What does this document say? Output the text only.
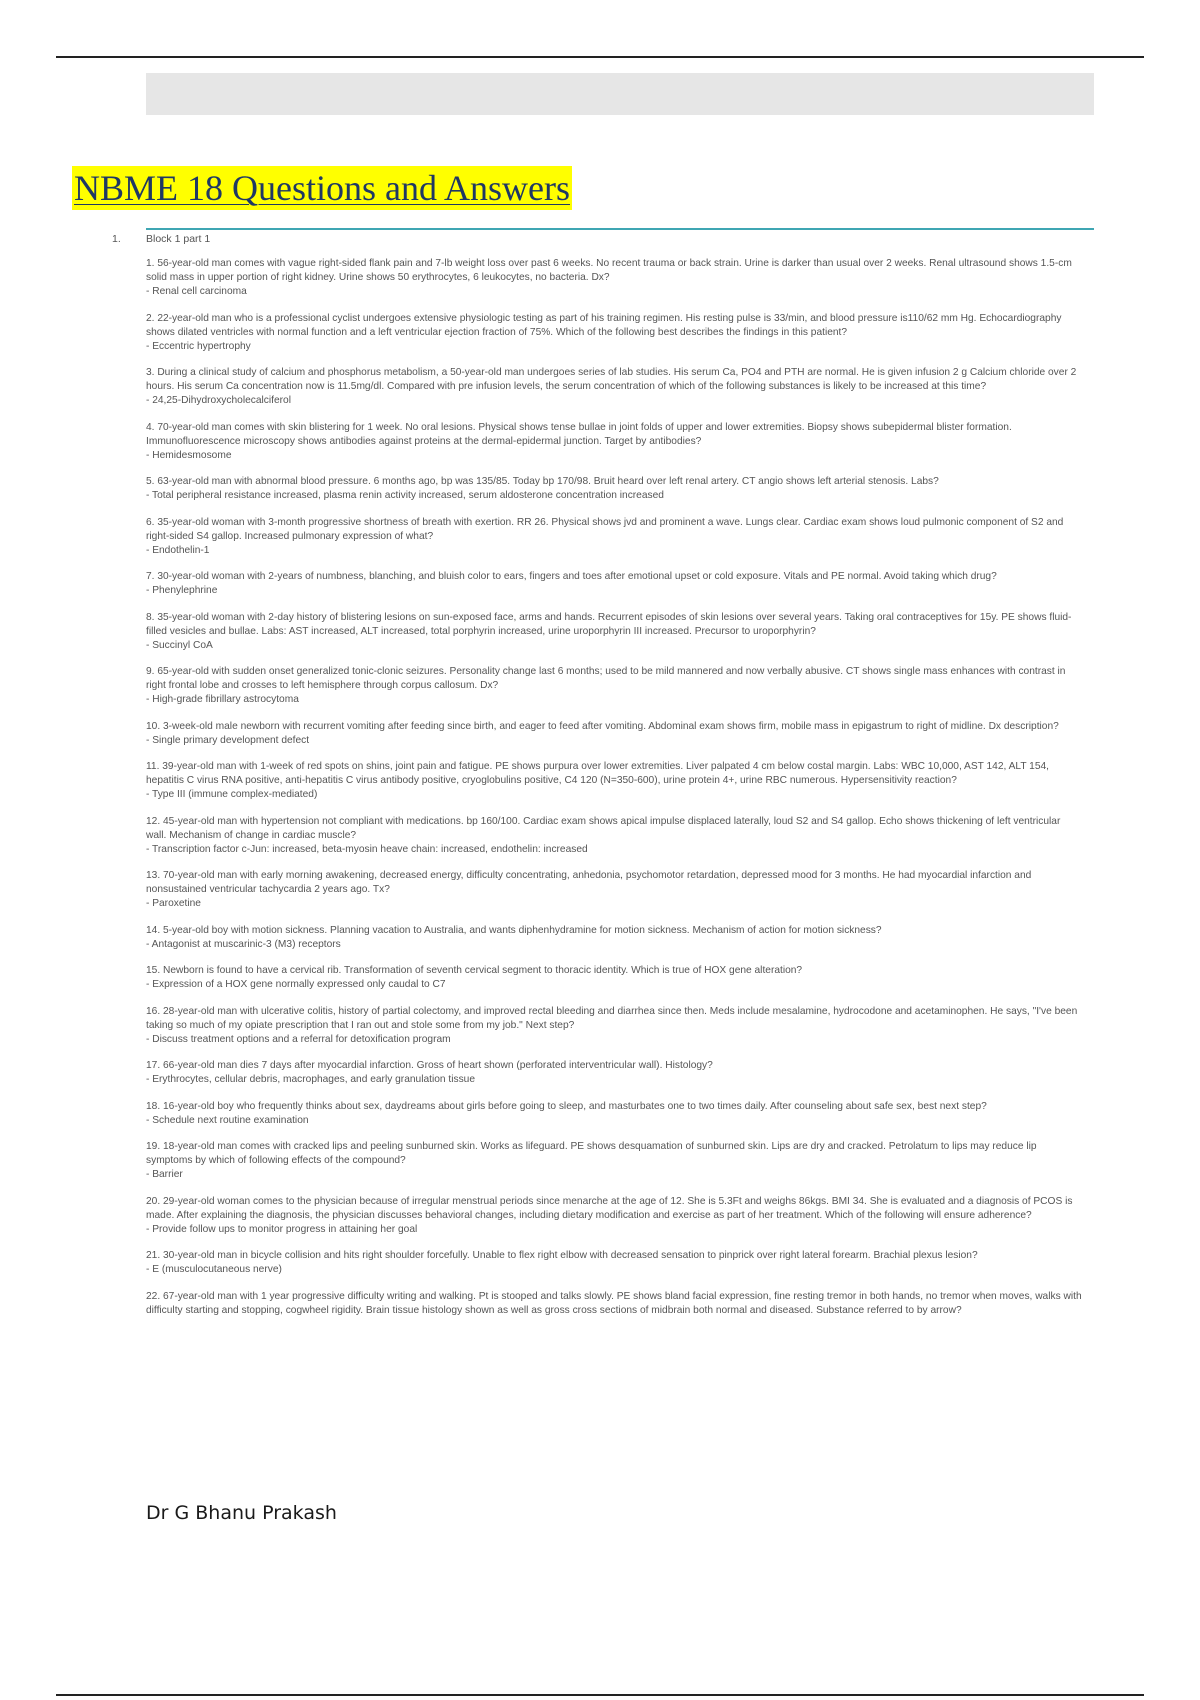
NBME 18 Questions and Answers
1. Block 1 part 1
1. 56-year-old man comes with vague right-sided flank pain and 7-lb weight loss over past 6 weeks. No recent trauma or back strain. Urine is darker than usual over 2 weeks. Renal ultrasound shows 1.5-cm solid mass in upper portion of right kidney. Urine shows 50 erythrocytes, 6 leukocytes, no bacteria. Dx?
- Renal cell carcinoma
2. 22-year-old man who is a professional cyclist undergoes extensive physiologic testing as part of his training regimen. His resting pulse is 33/min, and blood pressure is110/62 mm Hg. Echocardiography shows dilated ventricles with normal function and a left ventricular ejection fraction of 75%. Which of the following best describes the findings in this patient?
- Eccentric hypertrophy
3. During a clinical study of calcium and phosphorus metabolism, a 50-year-old man undergoes series of lab studies. His serum Ca, PO4 and PTH are normal. He is given infusion 2 g Calcium chloride over 2 hours. His serum Ca concentration now is 11.5mg/dl. Compared with pre infusion levels, the serum concentration of which of the following substances is likely to be increased at this time?
- 24,25-Dihydroxycholecalciferol
4. 70-year-old man comes with skin blistering for 1 week. No oral lesions. Physical shows tense bullae in joint folds of upper and lower extremities. Biopsy shows subepidermal blister formation. Immunofluorescence microscopy shows antibodies against proteins at the dermal-epidermal junction. Target by antibodies?
- Hemidesmosome
5. 63-year-old man with abnormal blood pressure. 6 months ago, bp was 135/85. Today bp 170/98. Bruit heard over left renal artery. CT angio shows left arterial stenosis. Labs?
- Total peripheral resistance increased, plasma renin activity increased, serum aldosterone concentration increased
6. 35-year-old woman with 3-month progressive shortness of breath with exertion. RR 26. Physical shows jvd and prominent a wave. Lungs clear. Cardiac exam shows loud pulmonic component of S2 and right-sided S4 gallop. Increased pulmonary expression of what?
- Endothelin-1
7. 30-year-old woman with 2-years of numbness, blanching, and bluish color to ears, fingers and toes after emotional upset or cold exposure. Vitals and PE normal. Avoid taking which drug?
- Phenylephrine
8. 35-year-old woman with 2-day history of blistering lesions on sun-exposed face, arms and hands. Recurrent episodes of skin lesions over several years. Taking oral contraceptives for 15y. PE shows fluid-filled vesicles and bullae. Labs: AST increased, ALT increased, total porphyrin increased, urine uroporphyrin III increased. Precursor to uroporphyrin?
- Succinyl CoA
9. 65-year-old with sudden onset generalized tonic-clonic seizures. Personality change last 6 months; used to be mild mannered and now verbally abusive. CT shows single mass enhances with contrast in right frontal lobe and crosses to left hemisphere through corpus callosum. Dx?
- High-grade fibrillary astrocytoma
10. 3-week-old male newborn with recurrent vomiting after feeding since birth, and eager to feed after vomiting. Abdominal exam shows firm, mobile mass in epigastrum to right of midline. Dx description?
- Single primary development defect
11. 39-year-old man with 1-week of red spots on shins, joint pain and fatigue. PE shows purpura over lower extremities. Liver palpated 4 cm below costal margin. Labs: WBC 10,000, AST 142, ALT 154, hepatitis C virus RNA positive, anti-hepatitis C virus antibody positive, cryoglobulins positive, C4 120 (N=350-600), urine protein 4+, urine RBC numerous. Hypersensitivity reaction?
- Type III (immune complex-mediated)
12. 45-year-old man with hypertension not compliant with medications. bp 160/100. Cardiac exam shows apical impulse displaced laterally, loud S2 and S4 gallop. Echo shows thickening of left ventricular wall. Mechanism of change in cardiac muscle?
- Transcription factor c-Jun: increased, beta-myosin heave chain: increased, endothelin: increased
13. 70-year-old man with early morning awakening, decreased energy, difficulty concentrating, anhedonia, psychomotor retardation, depressed mood for 3 months. He had myocardial infarction and nonsustained ventricular tachycardia 2 years ago. Tx?
- Paroxetine
14. 5-year-old boy with motion sickness. Planning vacation to Australia, and wants diphenhydramine for motion sickness. Mechanism of action for motion sickness?
- Antagonist at muscarinic-3 (M3) receptors
15. Newborn is found to have a cervical rib. Transformation of seventh cervical segment to thoracic identity. Which is true of HOX gene alteration?
- Expression of a HOX gene normally expressed only caudal to C7
16. 28-year-old man with ulcerative colitis, history of partial colectomy, and improved rectal bleeding and diarrhea since then. Meds include mesalamine, hydrocodone and acetaminophen. He says, "I've been taking so much of my opiate prescription that I ran out and stole some from my job." Next step?
- Discuss treatment options and a referral for detoxification program
17. 66-year-old man dies 7 days after myocardial infarction. Gross of heart shown (perforated interventricular wall). Histology?
- Erythrocytes, cellular debris, macrophages, and early granulation tissue
18. 16-year-old boy who frequently thinks about sex, daydreams about girls before going to sleep, and masturbates one to two times daily. After counseling about safe sex, best next step?
- Schedule next routine examination
19. 18-year-old man comes with cracked lips and peeling sunburned skin. Works as lifeguard. PE shows desquamation of sunburned skin. Lips are dry and cracked. Petrolatum to lips may reduce lip symptoms by which of following effects of the compound?
- Barrier
20. 29-year-old woman comes to the physician because of irregular menstrual periods since menarche at the age of 12. She is 5.3Ft and weighs 86kgs. BMI 34. She is evaluated and a diagnosis of PCOS is made. After explaining the diagnosis, the physician discusses behavioral changes, including dietary modification and exercise as part of her treatment. Which of the following will ensure adherence?
- Provide follow ups to monitor progress in attaining her goal
21. 30-year-old man in bicycle collision and hits right shoulder forcefully. Unable to flex right elbow with decreased sensation to pinprick over right lateral forearm. Brachial plexus lesion?
- E (musculocutaneous nerve)
22. 67-year-old man with 1 year progressive difficulty writing and walking. Pt is stooped and talks slowly. PE shows bland facial expression, fine resting tremor in both hands, no tremor when moves, walks with difficulty starting and stopping, cogwheel rigidity. Brain tissue histology shown as well as gross cross sections of midbrain both normal and diseased. Substance referred to by arrow?
Dr G Bhanu Prakash
